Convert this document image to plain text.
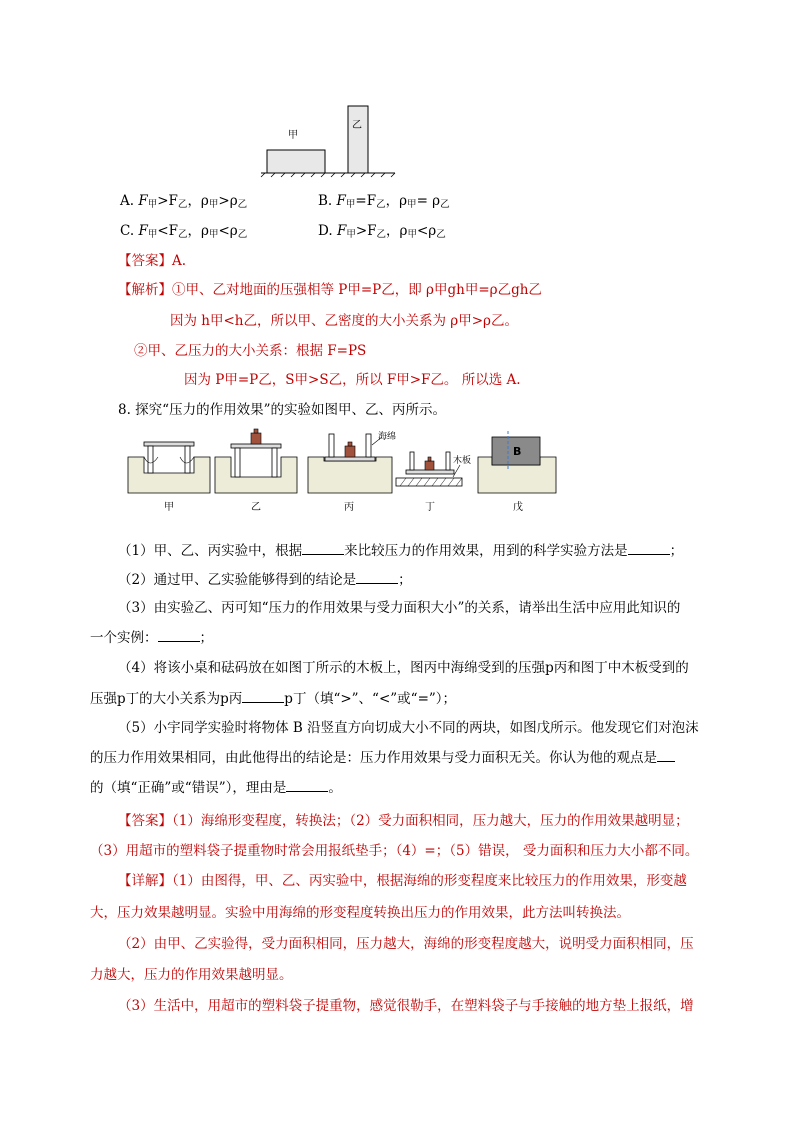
甲
乙
A. $F_甲>F_乙$，$\rho_甲>\rho_乙$	B. $F_甲=F_乙$，$\rho_甲= \rho_乙$
C. $F_甲<F_乙$，$\rho_甲<\rho_乙$	D. $F_甲>F_乙$，$\rho_甲<\rho_乙$
【答案】A.
【解析】①甲、乙对地面的压强相等 P甲=P乙，即 ρ甲gh甲=ρ乙gh乙
因为 h甲<h乙，所以甲、乙密度的大小关系为 ρ甲>ρ乙。
②甲、乙压力的大小关系：根据 F=PS
因为 P甲=P乙，S甲>S乙，所以 F甲>F乙。 所以选 A.
8. 探究“压力的作用效果”的实验如图甲、乙、丙所示。
甲	乙	丙
海绵
丁
木板
B
戊
（1）甲、乙、丙实验中，根据	来比较压力的作用效果，用到的科学实验方法是	；
（2）通过甲、乙实验能够得到的结论是	；
（3）由实验乙、丙可知“压力的作用效果与受力面积大小”的关系，请举出生活中应用此知识的
一个实例：	；
（4）将该小桌和砝码放在如图丁所示的木板上，图丙中海绵受到的压强p丙和图丁中木板受到的
压强p丁的大小关系为p丙	p丁（填“>”、“<”或“=”）；
（5）小宇同学实验时将物体 B 沿竖直方向切成大小不同的两块，如图戊所示。他发现它们对泡沫
的压力作用效果相同，由此他得出的结论是：压力作用效果与受力面积无关。你认为他的观点是
的（填“正确”或“错误”），理由是	。
【答案】（1）海绵形变程度，转换法；（2）受力面积相同，压力越大，压力的作用效果越明显；
（3）用超市的塑料袋子提重物时常会用报纸垫手；（4）=；（5）错误， 受力面积和压力大小都不同。
【详解】（1）由图得，甲、乙、丙实验中，根据海绵的形变程度来比较压力的作用效果，形变越
大，压力效果越明显。实验中用海绵的形变程度转换出压力的作用效果，此方法叫转换法。
（2）由甲、乙实验得，受力面积相同，压力越大，海绵的形变程度越大，说明受力面积相同，压
力越大，压力的作用效果越明显。
（3）生活中，用超市的塑料袋子提重物，感觉很勒手，在塑料袋子与手接触的地方垫上报纸，增
